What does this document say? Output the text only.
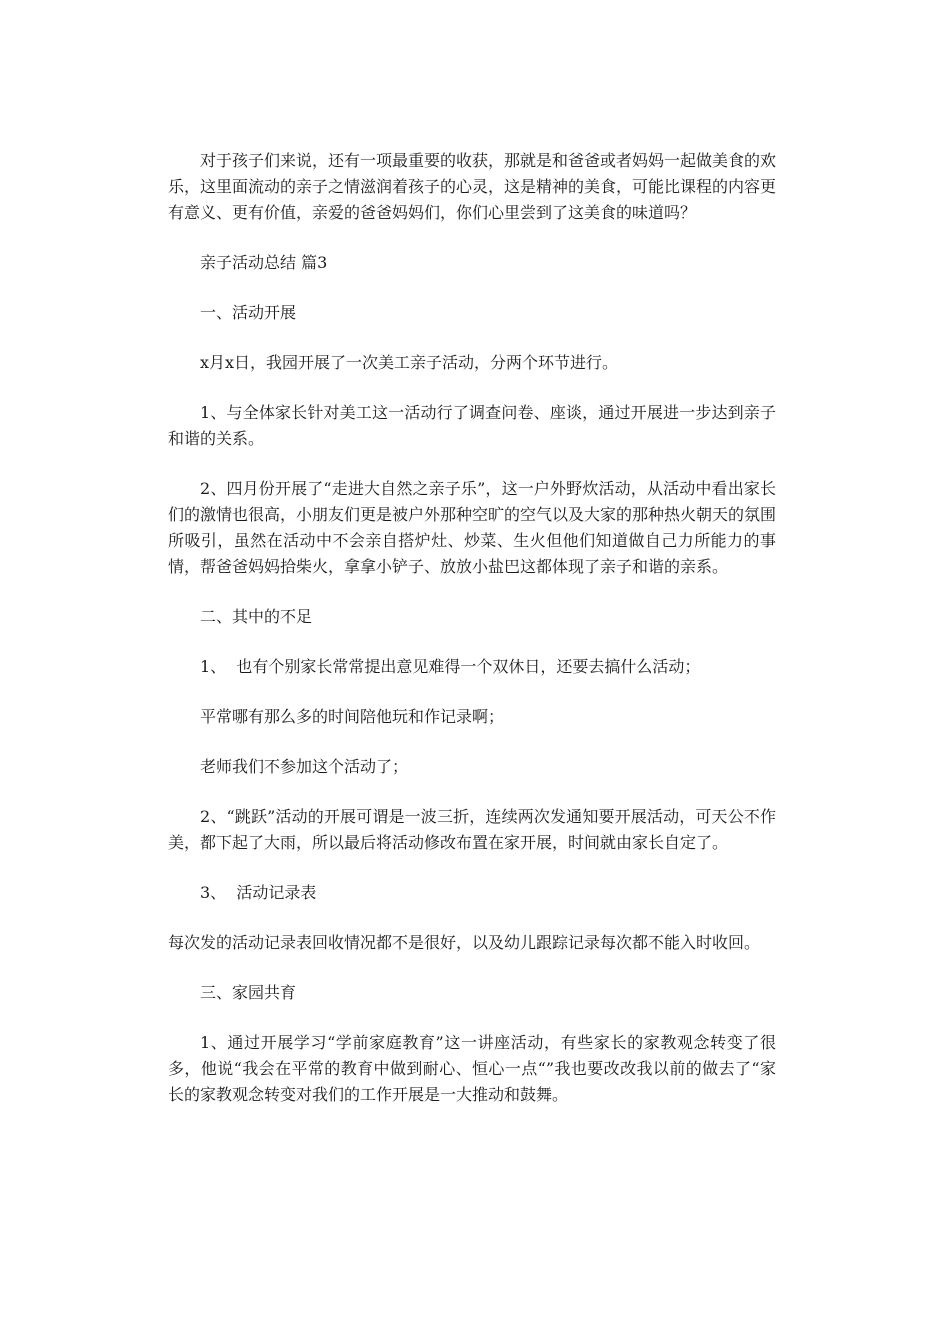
对于孩子们来说，还有一项最重要的收获，那就是和爸爸或者妈妈一起做美食的欢乐，这里面流动的亲子之情滋润着孩子的心灵，这是精神的美食，可能比课程的内容更有意义、更有价值，亲爱的爸爸妈妈们，你们心里尝到了这美食的味道吗？

亲子活动总结 篇3

一、活动开展

x月x日，我园开展了一次美工亲子活动，分两个环节进行。

1、与全体家长针对美工这一活动行了调查问卷、座谈，通过开展进一步达到亲子和谐的关系。

2、四月份开展了“走进大自然之亲子乐”，这一户外野炊活动，从活动中看出家长们的激情也很高，小朋友们更是被户外那种空旷的空气以及大家的那种热火朝天的氛围所吸引，虽然在活动中不会亲自搭炉灶、炒菜、生火但他们知道做自己力所能力的事情，帮爸爸妈妈拾柴火，拿拿小铲子、放放小盐巴这都体现了亲子和谐的亲系。

二、其中的不足

1、  也有个别家长常常提出意见难得一个双休日，还要去搞什么活动；

平常哪有那么多的时间陪他玩和作记录啊；

老师我们不参加这个活动了；

2、“跳跃”活动的开展可谓是一波三折，连续两次发通知要开展活动，可天公不作美，都下起了大雨，所以最后将活动修改布置在家开展，时间就由家长自定了。

3、  活动记录表

每次发的活动记录表回收情况都不是很好，以及幼儿跟踪记录每次都不能入时收回。

三、家园共育

1、通过开展学习“学前家庭教育”这一讲座活动，有些家长的家教观念转变了很多，他说“我会在平常的教育中做到耐心、恒心一点“”我也要改改我以前的做去了“家长的家教观念转变对我们的工作开展是一大推动和鼓舞。
